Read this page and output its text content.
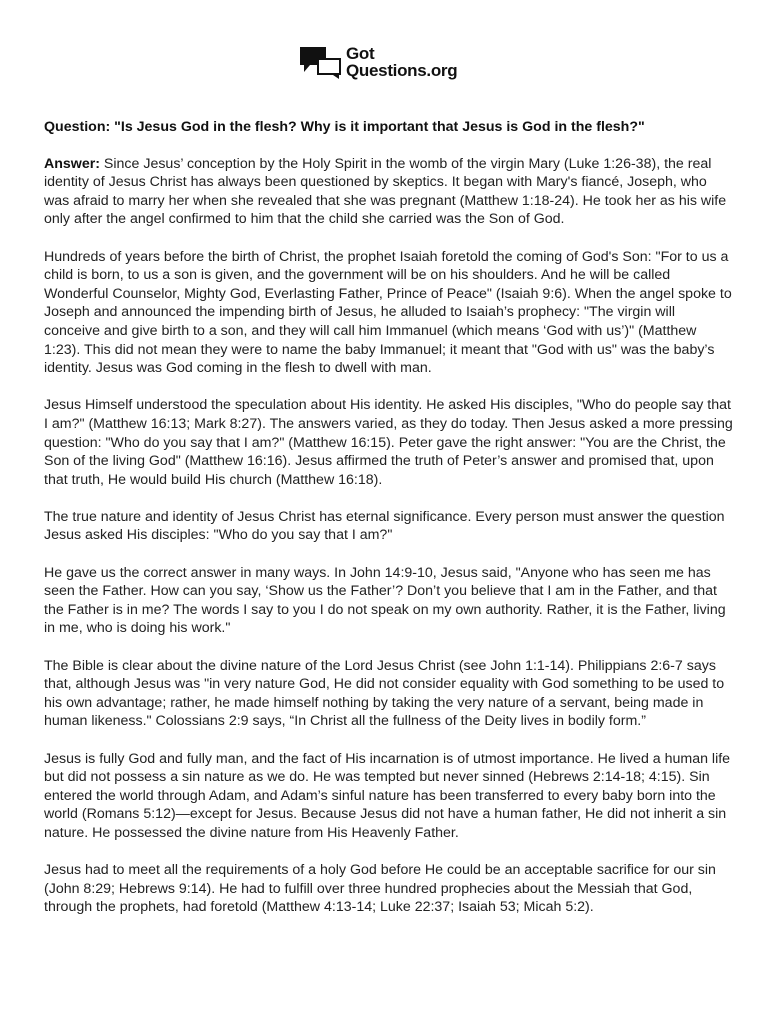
Got
Questions.org

Question: "Is Jesus God in the flesh? Why is it important that Jesus is God in the flesh?"

Answer: Since Jesus’ conception by the Holy Spirit in the womb of the virgin Mary (Luke 1:26-38), the real identity of Jesus Christ has always been questioned by skeptics. It began with Mary's fiancé, Joseph, who was afraid to marry her when she revealed that she was pregnant (Matthew 1:18-24). He took her as his wife only after the angel confirmed to him that the child she carried was the Son of God.

Hundreds of years before the birth of Christ, the prophet Isaiah foretold the coming of God's Son: "For to us a child is born, to us a son is given, and the government will be on his shoulders. And he will be called Wonderful Counselor, Mighty God, Everlasting Father, Prince of Peace" (Isaiah 9:6). When the angel spoke to Joseph and announced the impending birth of Jesus, he alluded to Isaiah’s prophecy: "The virgin will conceive and give birth to a son, and they will call him Immanuel (which means ‘God with us’)" (Matthew 1:23). This did not mean they were to name the baby Immanuel; it meant that "God with us" was the baby’s identity. Jesus was God coming in the flesh to dwell with man.

Jesus Himself understood the speculation about His identity. He asked His disciples, "Who do people say that I am?" (Matthew 16:13; Mark 8:27). The answers varied, as they do today. Then Jesus asked a more pressing question: "Who do you say that I am?" (Matthew 16:15). Peter gave the right answer: "You are the Christ, the Son of the living God" (Matthew 16:16). Jesus affirmed the truth of Peter’s answer and promised that, upon that truth, He would build His church (Matthew 16:18).

The true nature and identity of Jesus Christ has eternal significance. Every person must answer the question Jesus asked His disciples: "Who do you say that I am?"

He gave us the correct answer in many ways. In John 14:9-10, Jesus said, "Anyone who has seen me has seen the Father. How can you say, ‘Show us the Father’? Don’t you believe that I am in the Father, and that the Father is in me? The words I say to you I do not speak on my own authority. Rather, it is the Father, living in me, who is doing his work."

The Bible is clear about the divine nature of the Lord Jesus Christ (see John 1:1-14). Philippians 2:6-7 says that, although Jesus was "in very nature God, He did not consider equality with God something to be used to his own advantage; rather, he made himself nothing by taking the very nature of a servant, being made in human likeness." Colossians 2:9 says, “In Christ all the fullness of the Deity lives in bodily form.”

Jesus is fully God and fully man, and the fact of His incarnation is of utmost importance. He lived a human life but did not possess a sin nature as we do. He was tempted but never sinned (Hebrews 2:14-18; 4:15). Sin entered the world through Adam, and Adam’s sinful nature has been transferred to every baby born into the world (Romans 5:12)—except for Jesus. Because Jesus did not have a human father, He did not inherit a sin nature. He possessed the divine nature from His Heavenly Father.

Jesus had to meet all the requirements of a holy God before He could be an acceptable sacrifice for our sin (John 8:29; Hebrews 9:14). He had to fulfill over three hundred prophecies about the Messiah that God, through the prophets, had foretold (Matthew 4:13-14; Luke 22:37; Isaiah 53; Micah 5:2).
